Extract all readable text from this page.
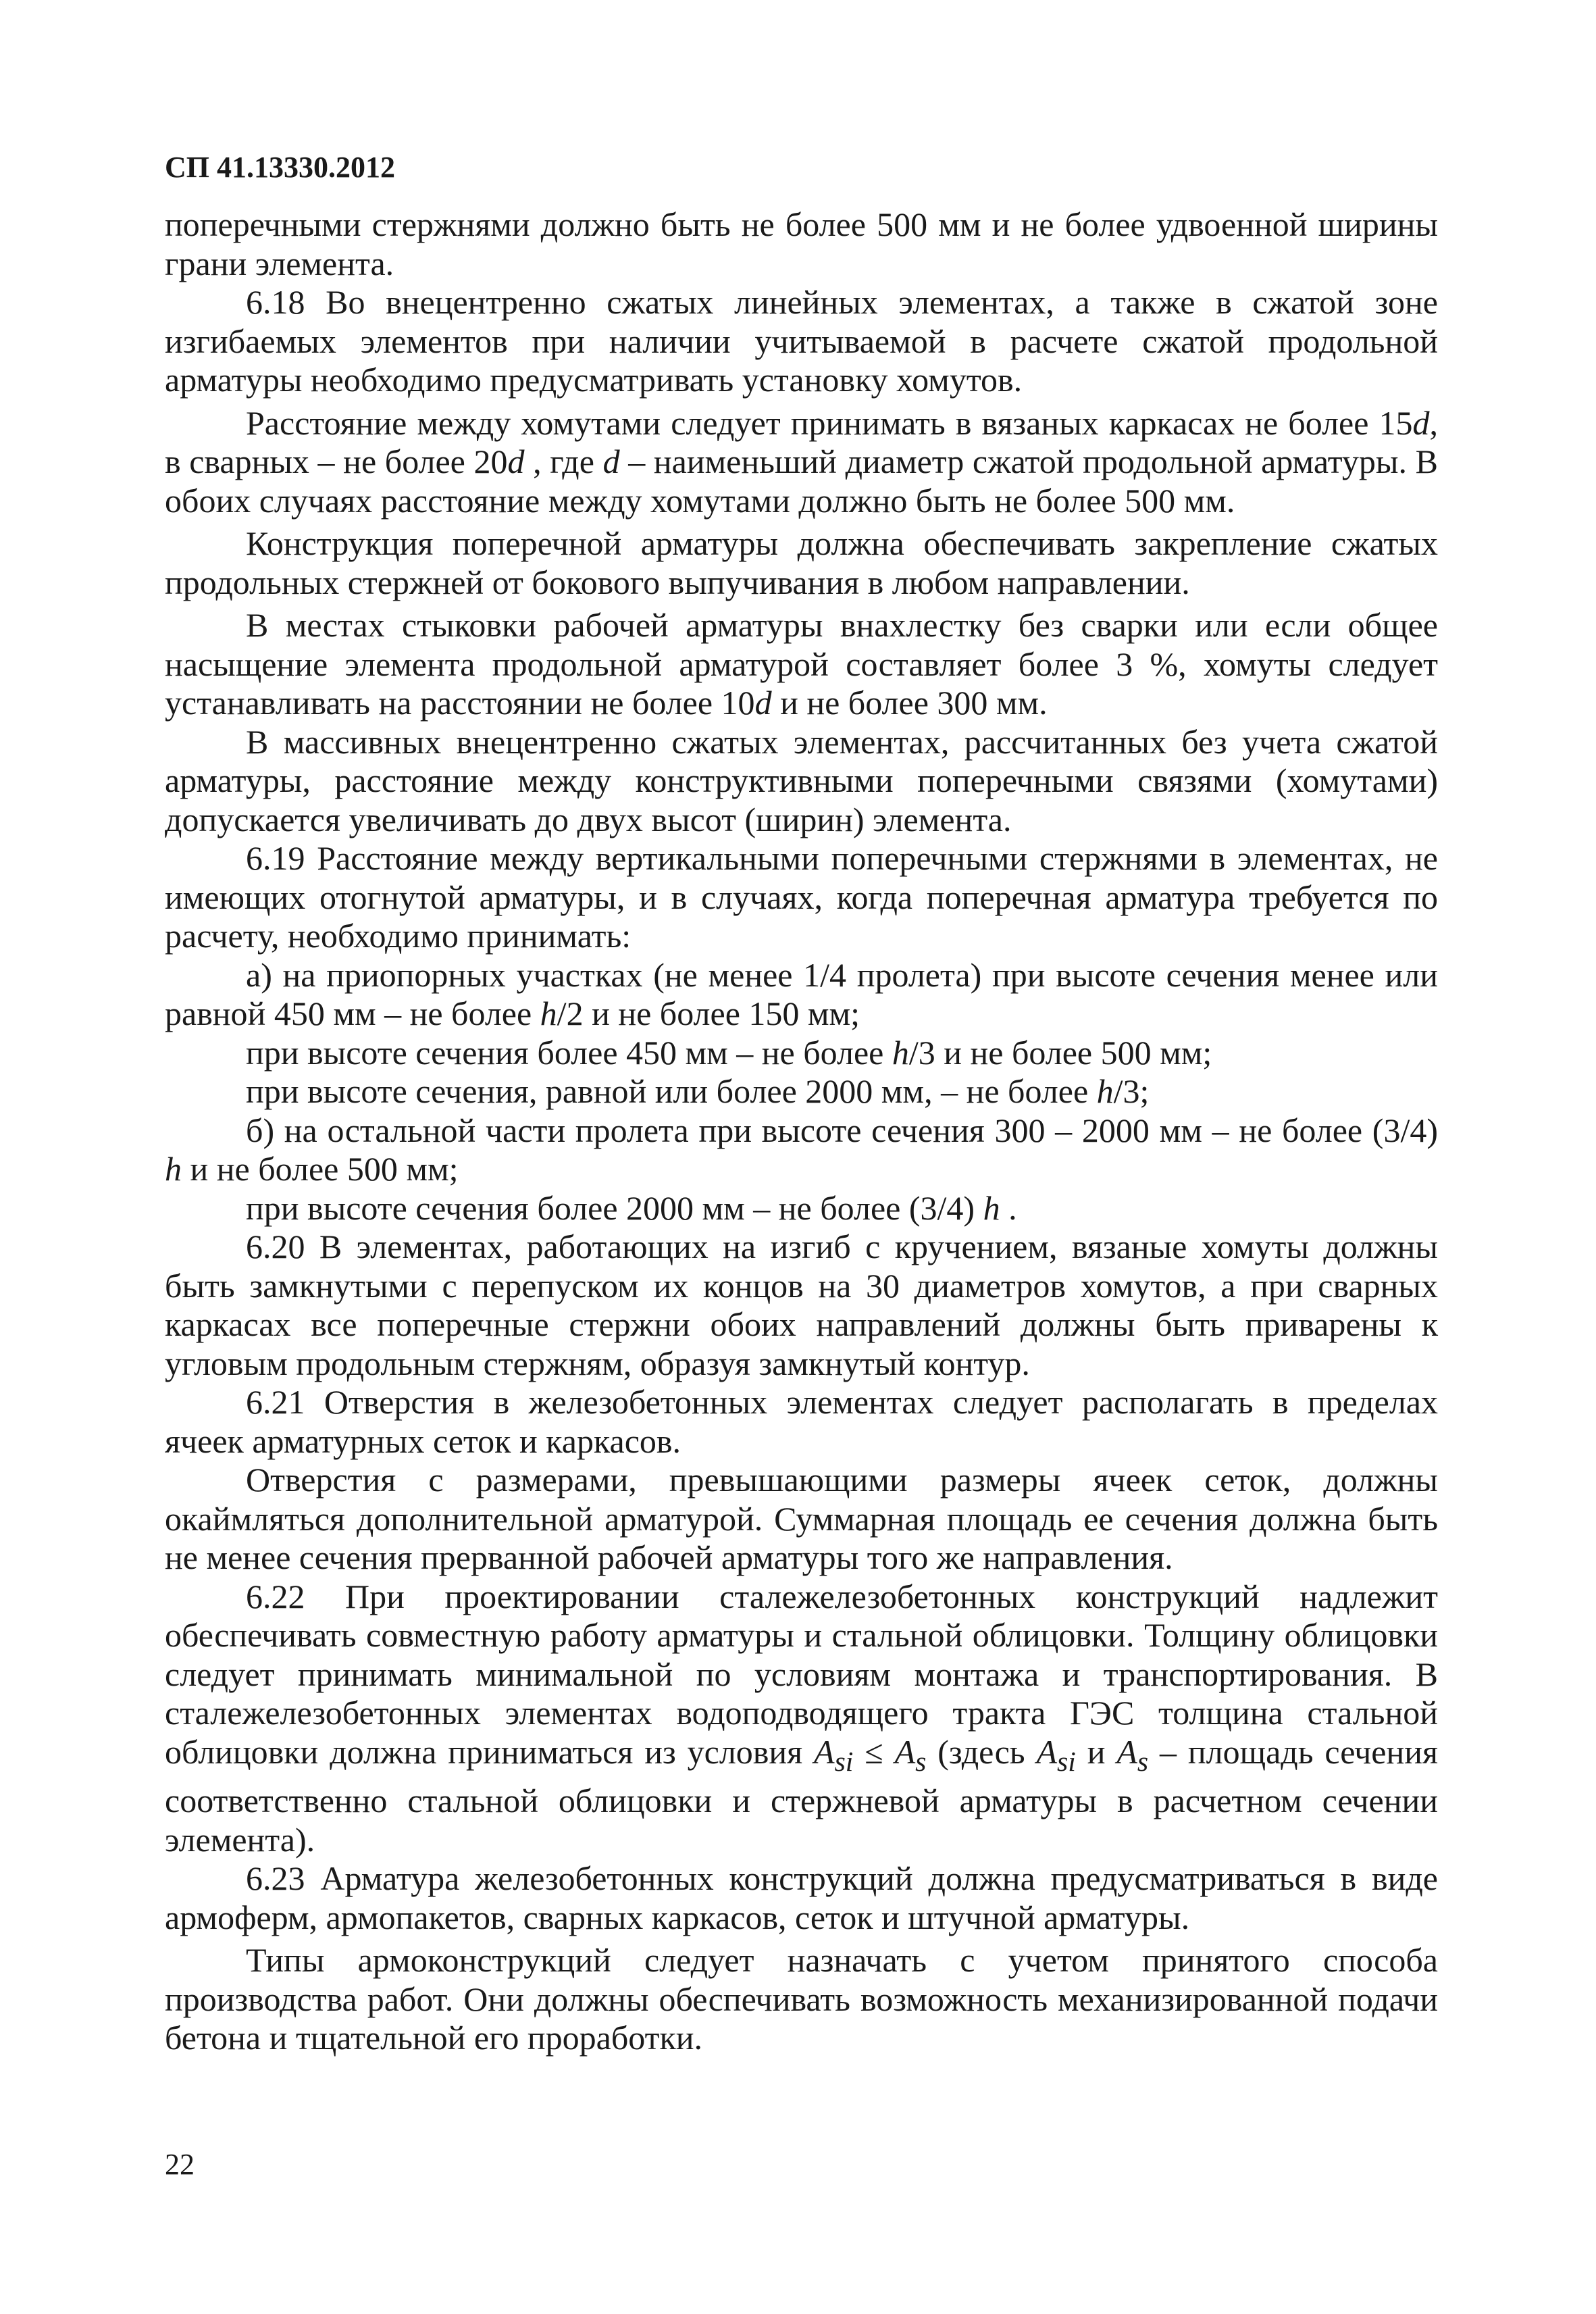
СП 41.13330.2012

поперечными стержнями должно быть не более 500 мм и не более удвоенной ширины грани элемента.

6.18 Во внецентренно сжатых линейных элементах, а также в сжатой зоне изгибаемых элементов при наличии учитываемой в расчете сжатой продольной арматуры необходимо предусматривать установку хомутов.

Расстояние между хомутами следует принимать в вязаных каркасах не более 15d, в сварных – не более 20d , где d – наименьший диаметр сжатой продольной арматуры. В обоих случаях расстояние между хомутами должно быть не более 500 мм.

Конструкция поперечной арматуры должна обеспечивать закрепление сжатых продольных стержней от бокового выпучивания в любом направлении.

В местах стыковки рабочей арматуры внахлестку без сварки или если общее насыщение элемента продольной арматурой составляет более 3 %, хомуты следует устанавливать на расстоянии не более 10d и не более 300 мм.

В массивных внецентренно сжатых элементах, рассчитанных без учета сжатой арматуры, расстояние между конструктивными поперечными связями (хомутами) допускается увеличивать до двух высот (ширин) элемента.

6.19 Расстояние между вертикальными поперечными стержнями в элементах, не имеющих отогнутой арматуры, и в случаях, когда поперечная арматура требуется по расчету, необходимо принимать:

а) на приопорных участках (не менее 1/4 пролета) при высоте сечения менее или равной 450 мм – не более h/2 и не более 150 мм;

при высоте сечения более 450 мм – не более h/3 и не более 500 мм;

при высоте сечения, равной или более 2000 мм, – не более h/3;

б) на остальной части пролета при высоте сечения 300 – 2000 мм – не более (3/4) h и не более 500 мм;

при высоте сечения более 2000 мм – не более (3/4) h .

6.20 В элементах, работающих на изгиб с кручением, вязаные хомуты должны быть замкнутыми с перепуском их концов на 30 диаметров хомутов, а при сварных каркасах все поперечные стержни обоих направлений должны быть приварены к угловым продольным стержням, образуя замкнутый контур.

6.21 Отверстия в железобетонных элементах следует располагать в пределах ячеек арматурных сеток и каркасов.

Отверстия с размерами, превышающими размеры ячеек сеток, должны окаймляться дополнительной арматурой. Суммарная площадь ее сечения должна быть не менее сечения прерванной рабочей арматуры того же направления.

6.22 При проектировании сталежелезобетонных конструкций надлежит обеспечивать совместную работу арматуры и стальной облицовки. Толщину облицовки следует принимать минимальной по условиям монтажа и транспортирования. В сталежелезобетонных элементах водоподводящего тракта ГЭС толщина стальной облицовки должна приниматься из условия $A_{si} \le A_s$ (здесь $A_{si}$ и $A_s$ – площадь сечения соответственно стальной облицовки и стержневой арматуры в расчетном сечении элемента).

6.23 Арматура железобетонных конструкций должна предусматриваться в виде армоферм, армопакетов, сварных каркасов, сеток и штучной арматуры.

Типы армоконструкций следует назначать с учетом принятого способа производства работ. Они должны обеспечивать возможность механизированной подачи бетона и тщательной его проработки.

22
